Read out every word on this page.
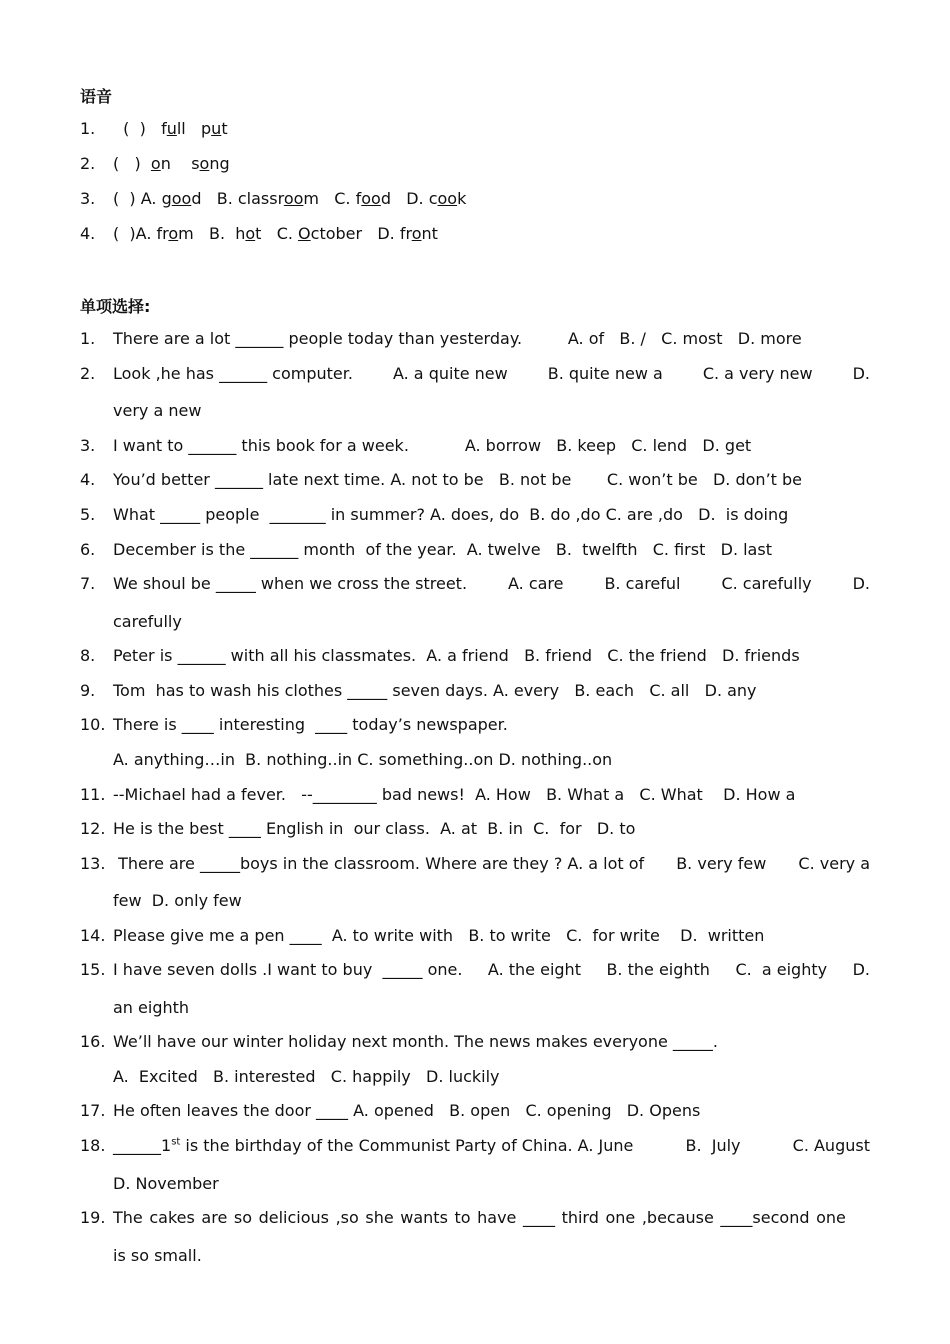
语音
1. (  )   full   put
2. (   )  on    song
3. (  ) A. good   B. classroom   C. food   D. cook
4. (  )A. from   B.  hot   C. October   D. front
单项选择:
1. There are a lot ______ people today than yesterday.         A. of   B. /   C. most   D. more
2. Look ,he has ______ computer.	A. a quite new	B. quite new a	C. a very new	D.
very a new
3. I want to ______ this book for a week.           A. borrow   B. keep   C. lend   D. get
4. You’d better ______ late next time. A. not to be   B. not be       C. won’t be   D. don’t be
5. What _____ people  _______ in summer? A. does, do  B. do ,do C. are ,do   D.  is doing
6. December is the ______ month  of the year.  A. twelve   B.  twelfth   C. first   D. last
7. We shoul be _____ when we cross the street.	A. care	B. careful	C. carefully	D.
carefully
8. Peter is ______ with all his classmates.  A. a friend   B. friend   C. the friend   D. friends
9. Tom  has to wash his clothes _____ seven days. A. every   B. each   C. all   D. any
10. There is ____ interesting  ____ today’s newspaper.
A. anything…in  B. nothing..in C. something..on D. nothing..on
11. --Michael had a fever.   --________ bad news!  A. How   B. What a   C. What    D. How a
12. He is the best ____ English in  our class.  A. at  B. in  C.  for   D. to
13. There are _____boys in the classroom. Where are they ? A. a lot of B. very few C. very a
few  D. only few
14. Please give me a pen ____  A. to write with   B. to write   C.  for write    D.  written
15. I have seven dolls .I want to buy  _____ one. A. the eight B. the eighth C.  a eighty D.
an eighth
16. We’ll have our winter holiday next month. The news makes everyone _____.
A.  Excited   B. interested   C. happily   D. luckily
17. He often leaves the door ____ A. opened   B. open   C. opening   D. Opens
18. ______1st is the birthday of the Communist Party of China. A. June	B.  July	C. August
D. November
19. The cakes are so delicious ,so she wants to have ____ third one ,because ____second one
is so small.
